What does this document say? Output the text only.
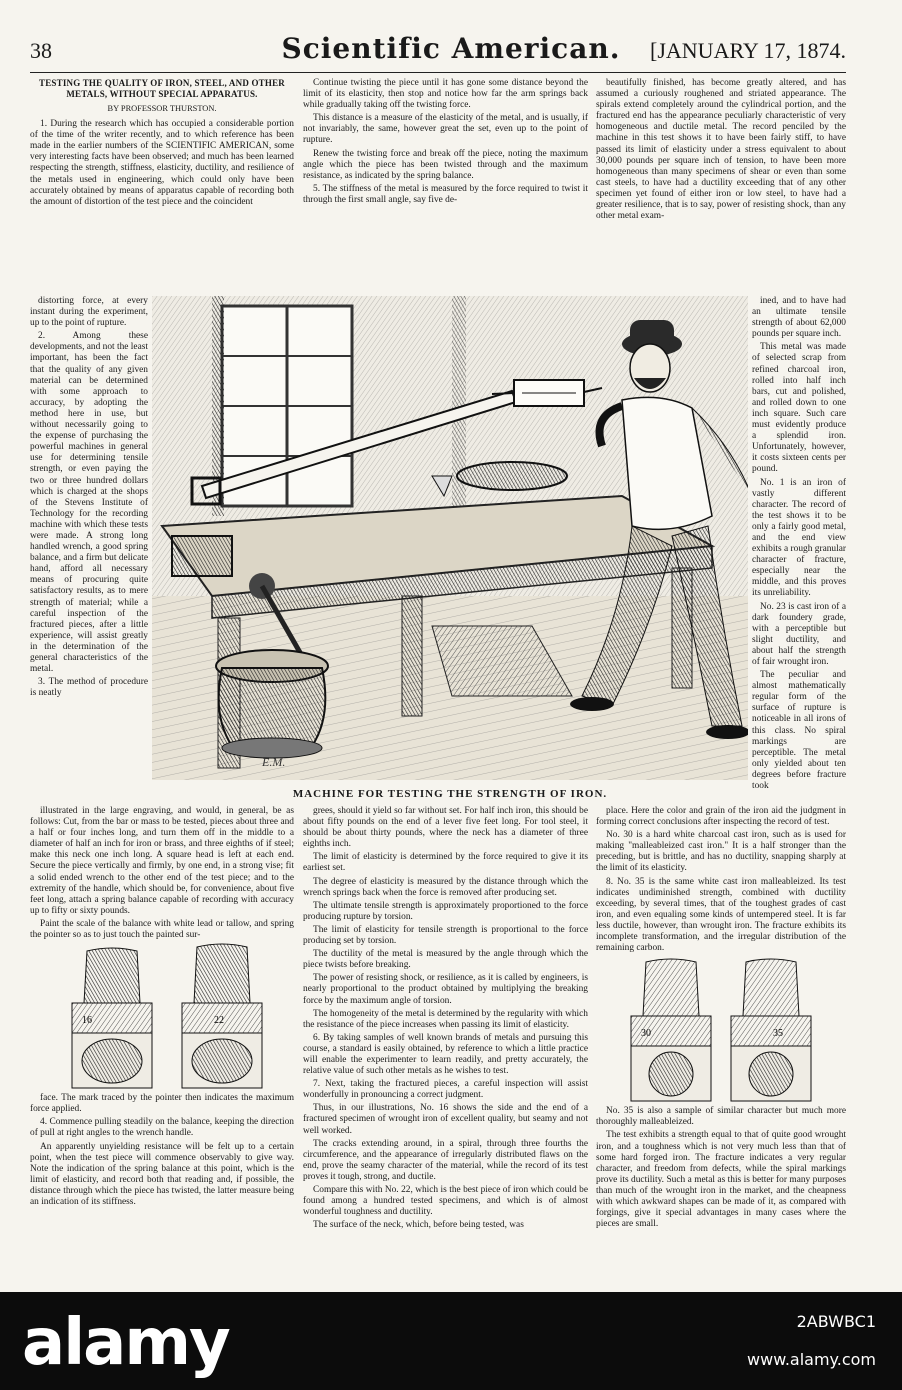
38	Scientific American.	[JANUARY 17, 1874.
TESTING THE QUALITY OF IRON, STEEL, AND OTHER METALS, WITHOUT SPECIAL APPARATUS.
BY PROFESSOR THURSTON.

1. During the research which has occupied a considerable portion of the time of the writer recently, and to which reference has been made in the earlier numbers of the SCIENTIFIC AMERICAN, some very interesting facts have been observed; and much has been learned respecting the strength, stiffness, elasticity, ductility, and resilience of the metals used in engineering, which could only have been accurately obtained by means of apparatus capable of recording both the amount of distortion of the test piece and the coincident

Continue twisting the piece until it has gone some distance beyond the limit of its elasticity, then stop and notice how far the arm springs back while gradually taking off the twisting force.

This distance is a measure of the elasticity of the metal, and is usually, if not invariably, the same, however great the set, even up to the point of rupture.

Renew the twisting force and break off the piece, noting the maximum angle which the piece has been twisted through and the maximum resistance, as indicated by the spring balance.

5. The stiffness of the metal is measured by the force required to twist it through the first small angle, say five de-

beautifully finished, has become greatly altered, and has assumed a curiously roughened and striated appearance. The spirals extend completely around the cylindrical portion, and the fractured end has the appearance peculiarly characteristic of very homogeneous and ductile metal. The record penciled by the machine in this test shows it to have been fairly stiff, to have passed its limit of elasticity under a stress equivalent to about 30,000 pounds per square inch of tension, to have been more homogeneous than many specimens of shear or even than some cast steels, to have had a ductility exceeding that of any other specimen yet found of either iron or low steel, to have had a greater resilience, that is to say, power of resisting shock, than any other metal exam-

distorting force, at every instant during the experiment, up to the point of rupture.

2. Among these developments, and not the least important, has been the fact that the quality of any given material can be determined with some approach to accuracy, by adopting the method here in use, but without necessarily going to the expense of purchasing the powerful machines in general use for determining tensile strength, or even paying the two or three hundred dollars which is charged at the shops of the Stevens Institute of Technology for the recording machine with which these tests were made. A strong long handled wrench, a good spring balance, and a firm but delicate hand, afford all necessary means of procuring quite satisfactory results, as to mere strength of material; while a careful inspection of the fractured pieces, after a little experience, will assist greatly in the determination of the general characteristics of the metal.

3. The method of procedure is neatly

ined, and to have had an ultimate tensile strength of about 62,000 pounds per square inch.

This metal was made of selected scrap from refined charcoal iron, rolled into half inch bars, cut and polished, and rolled down to one inch square. Such care must evidently produce a splendid iron. Unfortunately, however, it costs sixteen cents per pound.

No. 1 is an iron of vastly different character. The record of the test shows it to be only a fairly good metal, and the end view exhibits a rough granular character of fracture, especially near the middle, and this proves its unreliability.

No. 23 is cast iron of a dark foundery grade, with a perceptible but slight ductility, and about half the strength of fair wrought iron.

The peculiar and almost mathematically regular form of the surface of rupture is noticeable in all irons of this class. No spiral markings are perceptible. The metal only yielded about ten degrees before fracture took

E.M.
MACHINE FOR TESTING THE STRENGTH OF IRON.

illustrated in the large engraving, and would, in general, be as follows: Cut, from the bar or mass to be tested, pieces about three and a half or four inches long, and turn them off in the middle to a diameter of half an inch for iron or brass, and three eighths of if steel; make this neck one inch long. A square head is left at each end. Secure the piece vertically and firmly, by one end, in a strong vise; fit a solid ended wrench to the other end of the test piece; and to the extremity of the handle, which should be, for convenience, about five feet long, attach a spring balance capable of recording with accuracy up to fifty or sixty pounds.

Paint the scale of the balance with white lead or tallow, and spring the pointer so as to just touch the painted sur-

16	22

face. The mark traced by the pointer then indicates the maximum force applied.

4. Commence pulling steadily on the balance, keeping the direction of pull at right angles to the wrench handle.

An apparently unyielding resistance will be felt up to a certain point, when the test piece will commence observably to give way. Note the indication of the spring balance at this point, which is the limit of elasticity, and record both that reading and, if possible, the distance through which the piece has twisted, the latter measure being an indication of its stiffness.

grees, should it yield so far without set. For half inch iron, this should be about fifty pounds on the end of a lever five feet long. For tool steel, it should be about thirty pounds, where the neck has a diameter of three eighths inch.

The limit of elasticity is determined by the force required to give it its earliest set.

The degree of elasticity is measured by the distance through which the wrench springs back when the force is removed after producing set.

The ultimate tensile strength is approximately proportioned to the force producing rupture by torsion.

The limit of elasticity for tensile strength is proportional to the force producing set by torsion.

The ductility of the metal is measured by the angle through which the piece twists before breaking.

The power of resisting shock, or resilience, as it is called by engineers, is nearly proportional to the product obtained by multiplying the breaking force by the maximum angle of torsion.

The homogeneity of the metal is determined by the regularity with which the resistance of the piece increases when passing its limit of elasticity.

6. By taking samples of well known brands of metals and pursuing this course, a standard is easily obtained, by reference to which a little practice will enable the experimenter to learn readily, and pretty accurately, the relative value of such other metals as he wishes to test.

7. Next, taking the fractured pieces, a careful inspection will assist wonderfully in pronouncing a correct judgment.

Thus, in our illustrations, No. 16 shows the side and the end of a fractured specimen of wrought iron of excellent quality, but seamy and not well worked.

The cracks extending around, in a spiral, through three fourths the circumference, and the appearance of irregularly distributed flaws on the end, prove the seamy character of the material, while the record of its test proves it tough, strong, and ductile.

Compare this with No. 22, which is the best piece of iron which could be found among a hundred tested specimens, and which is of almost wonderful toughness and ductility.

The surface of the neck, which, before being tested, was

place. Here the color and grain of the iron aid the judgment in forming correct conclusions after inspecting the record of test.

No. 30 is a hard white charcoal cast iron, such as is used for making "malleableized cast iron." It is a half stronger than the preceding, but is brittle, and has no ductility, snapping sharply at the limit of its elasticity.

8. No. 35 is the same white cast iron malleableized. Its test indicates undiminished strength, combined with ductility exceeding, by several times, that of the toughest grades of cast iron, and even equaling some kinds of untempered steel. It is far less ductile, however, than wrought iron. The fracture exhibits its incomplete transformation, and the irregular distribution of the remaining carbon.

30	35

No. 35 is also a sample of similar character but much more thoroughly malleableized.

The test exhibits a strength equal to that of quite good wrought iron, and a toughness which is not very much less than that of some hard forged iron. The fracture indicates a very regular character, and freedom from defects, while the spiral markings prove its ductility. Such a metal as this is better for many purposes than much of the wrought iron in the market, and the cheapness with which awkward shapes can be made of it, as compared with forgings, give it special advantages in many cases where the pieces are small.

alamy	2ABWBC1
www.alamy.com
